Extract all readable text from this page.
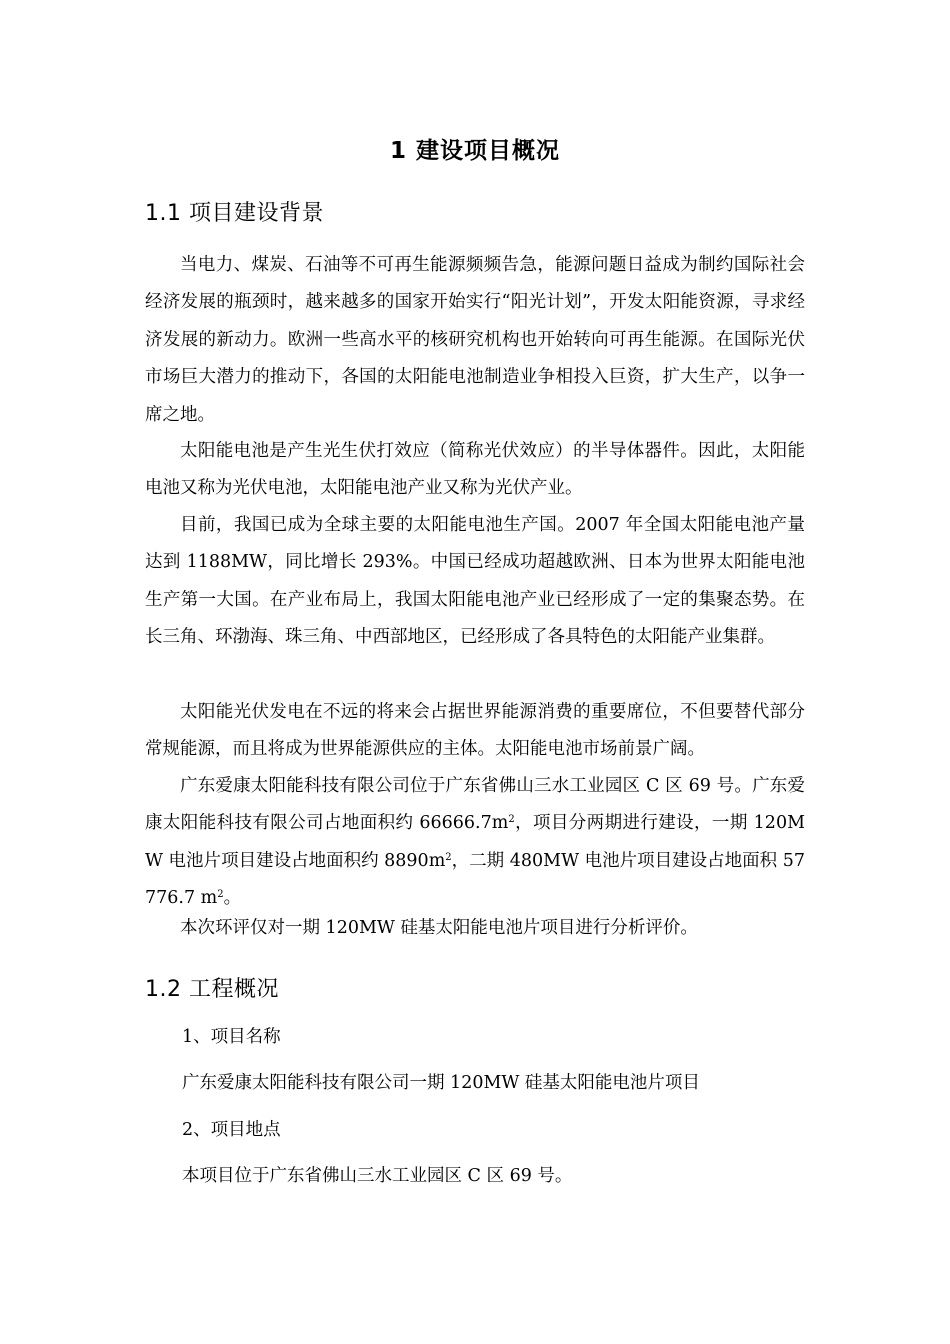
1 建设项目概况
1.1 项目建设背景
当电力、煤炭、石油等不可再生能源频频告急，能源问题日益成为制约国际社会经济发展的瓶颈时，越来越多的国家开始实行“阳光计划”，开发太阳能资源，寻求经济发展的新动力。欧洲一些高水平的核研究机构也开始转向可再生能源。在国际光伏市场巨大潜力的推动下，各国的太阳能电池制造业争相投入巨资，扩大生产，以争一席之地。
太阳能电池是产生光生伏打效应（简称光伏效应）的半导体器件。因此，太阳能电池又称为光伏电池，太阳能电池产业又称为光伏产业。
目前，我国已成为全球主要的太阳能电池生产国。2007 年全国太阳能电池产量达到 1188MW，同比增长 293%。中国已经成功超越欧洲、日本为世界太阳能电池生产第一大国。在产业布局上，我国太阳能电池产业已经形成了一定的集聚态势。在长三角、环渤海、珠三角、中西部地区，已经形成了各具特色的太阳能产业集群。
太阳能光伏发电在不远的将来会占据世界能源消费的重要席位，不但要替代部分常规能源，而且将成为世界能源供应的主体。太阳能电池市场前景广阔。
广东爱康太阳能科技有限公司位于广东省佛山三水工业园区 C 区 69 号。广东爱康太阳能科技有限公司占地面积约 $66666.7m^2$，项目分两期进行建设，一期 120MW 电池片项目建设占地面积约 $8890m^2$，二期 480MW 电池片项目建设占地面积 57776.7 $m^2$。
本次环评仅对一期 120MW 硅基太阳能电池片项目进行分析评价。
1.2 工程概况
1、项目名称
广东爱康太阳能科技有限公司一期 120MW 硅基太阳能电池片项目
2、项目地点
本项目位于广东省佛山三水工业园区 C 区 69 号。
